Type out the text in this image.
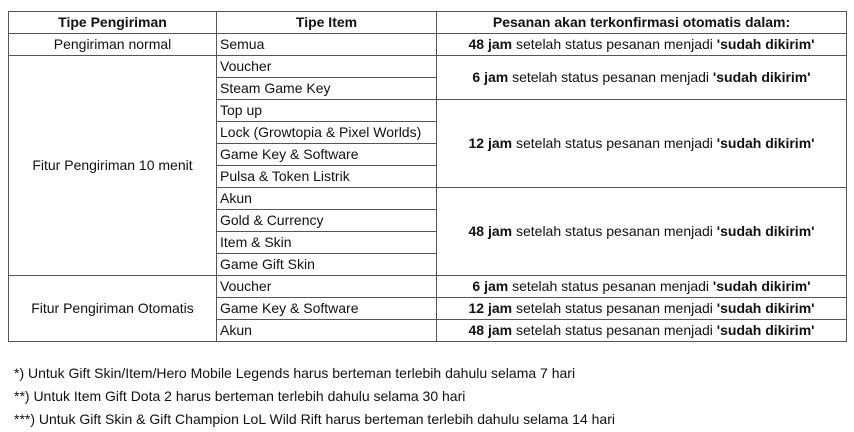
Tipe Pengiriman	Tipe Item	Pesanan akan terkonfirmasi otomatis dalam:
Pengiriman normal	Semua	48 jam setelah status pesanan menjadi 'sudah dikirim'
Fitur Pengiriman 10 menit	Voucher	6 jam setelah status pesanan menjadi 'sudah dikirim'
	Steam Game Key	
	Top up	12 jam setelah status pesanan menjadi 'sudah dikirim'
	Lock (Growtopia & Pixel Worlds)	
	Game Key & Software	
	Pulsa & Token Listrik	
	Akun	48 jam setelah status pesanan menjadi 'sudah dikirim'
	Gold & Currency	
	Item & Skin	
	Game Gift Skin	
Fitur Pengiriman Otomatis	Voucher	6 jam setelah status pesanan menjadi 'sudah dikirim'
	Game Key & Software	12 jam setelah status pesanan menjadi 'sudah dikirim'
	Akun	48 jam setelah status pesanan menjadi 'sudah dikirim'
*) Untuk Gift Skin/Item/Hero Mobile Legends harus berteman terlebih dahulu selama 7 hari
**) Untuk Item Gift Dota 2 harus berteman terlebih dahulu selama 30 hari
***) Untuk Gift Skin & Gift Champion LoL Wild Rift harus berteman terlebih dahulu selama 14 hari
